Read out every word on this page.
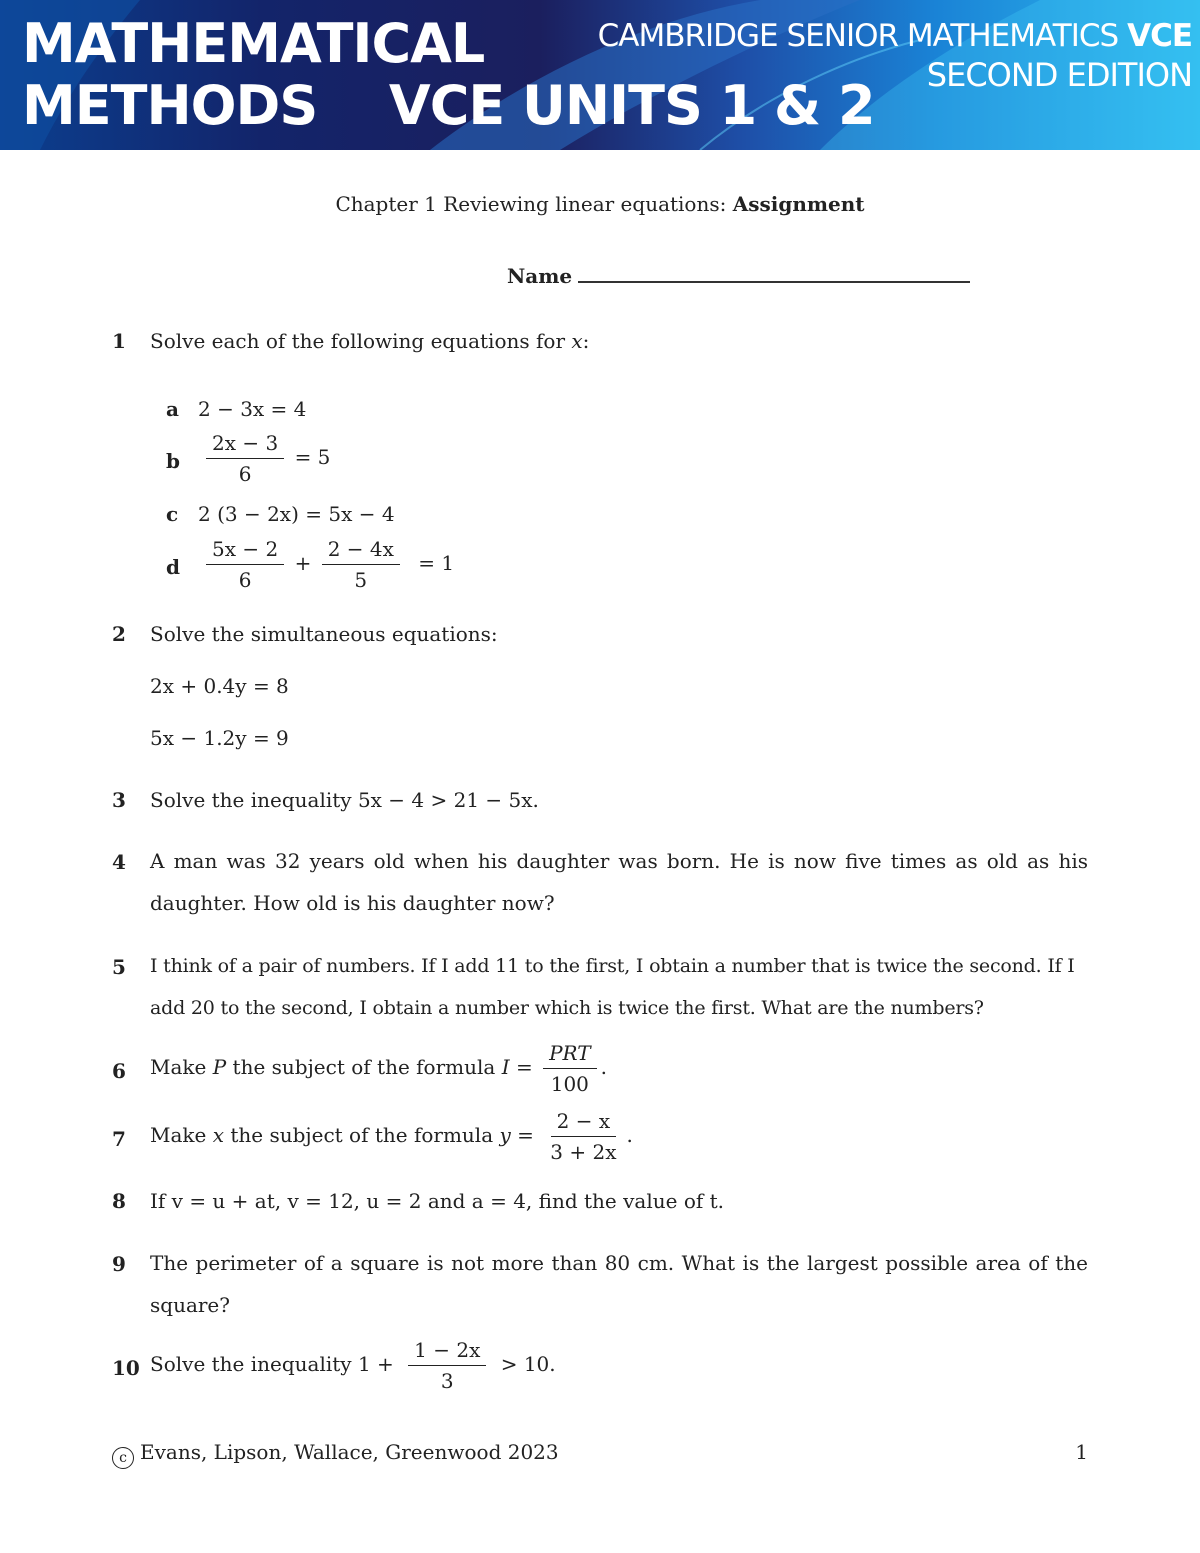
MATHEMATICAL
METHODS VCE UNITS 1 & 2
CAMBRIDGE SENIOR MATHEMATICS VCE
SECOND EDITION
Chapter 1 Reviewing linear equations: Assignment
Name
1 Solve each of the following equations for x:
a 2 − 3x = 4
b $\frac{2x - 3}{6} = 5$
c 2 (3 − 2x) = 5x − 4
d $\frac{5x - 2}{6} + \frac{2 - 4x}{5} = 1$
2 Solve the simultaneous equations:
2x + 0.4y = 8
5x − 1.2y = 9
3 Solve the inequality 5x − 4 > 21 − 5x.
4 A man was 32 years old when his daughter was born. He is now five times as old as his daughter. How old is his daughter now?
5 I think of a pair of numbers. If I add 11 to the first, I obtain a number that is twice the second. If I add 20 to the second, I obtain a number which is twice the first. What are the numbers?
6 Make P the subject of the formula $I = \frac{\text{PRT}}{100}$ .
7 Make x the subject of the formula $y = \frac{2 - x}{3 + 2x}$ .
8 If v = u + at, v = 12, u = 2 and a = 4, find the value of t.
9 The perimeter of a square is not more than 80 cm. What is the largest possible area of the square?
10 Solve the inequality $1 + \frac{1 - 2x}{3} > 10$.
c Evans, Lipson, Wallace, Greenwood 2023	1
